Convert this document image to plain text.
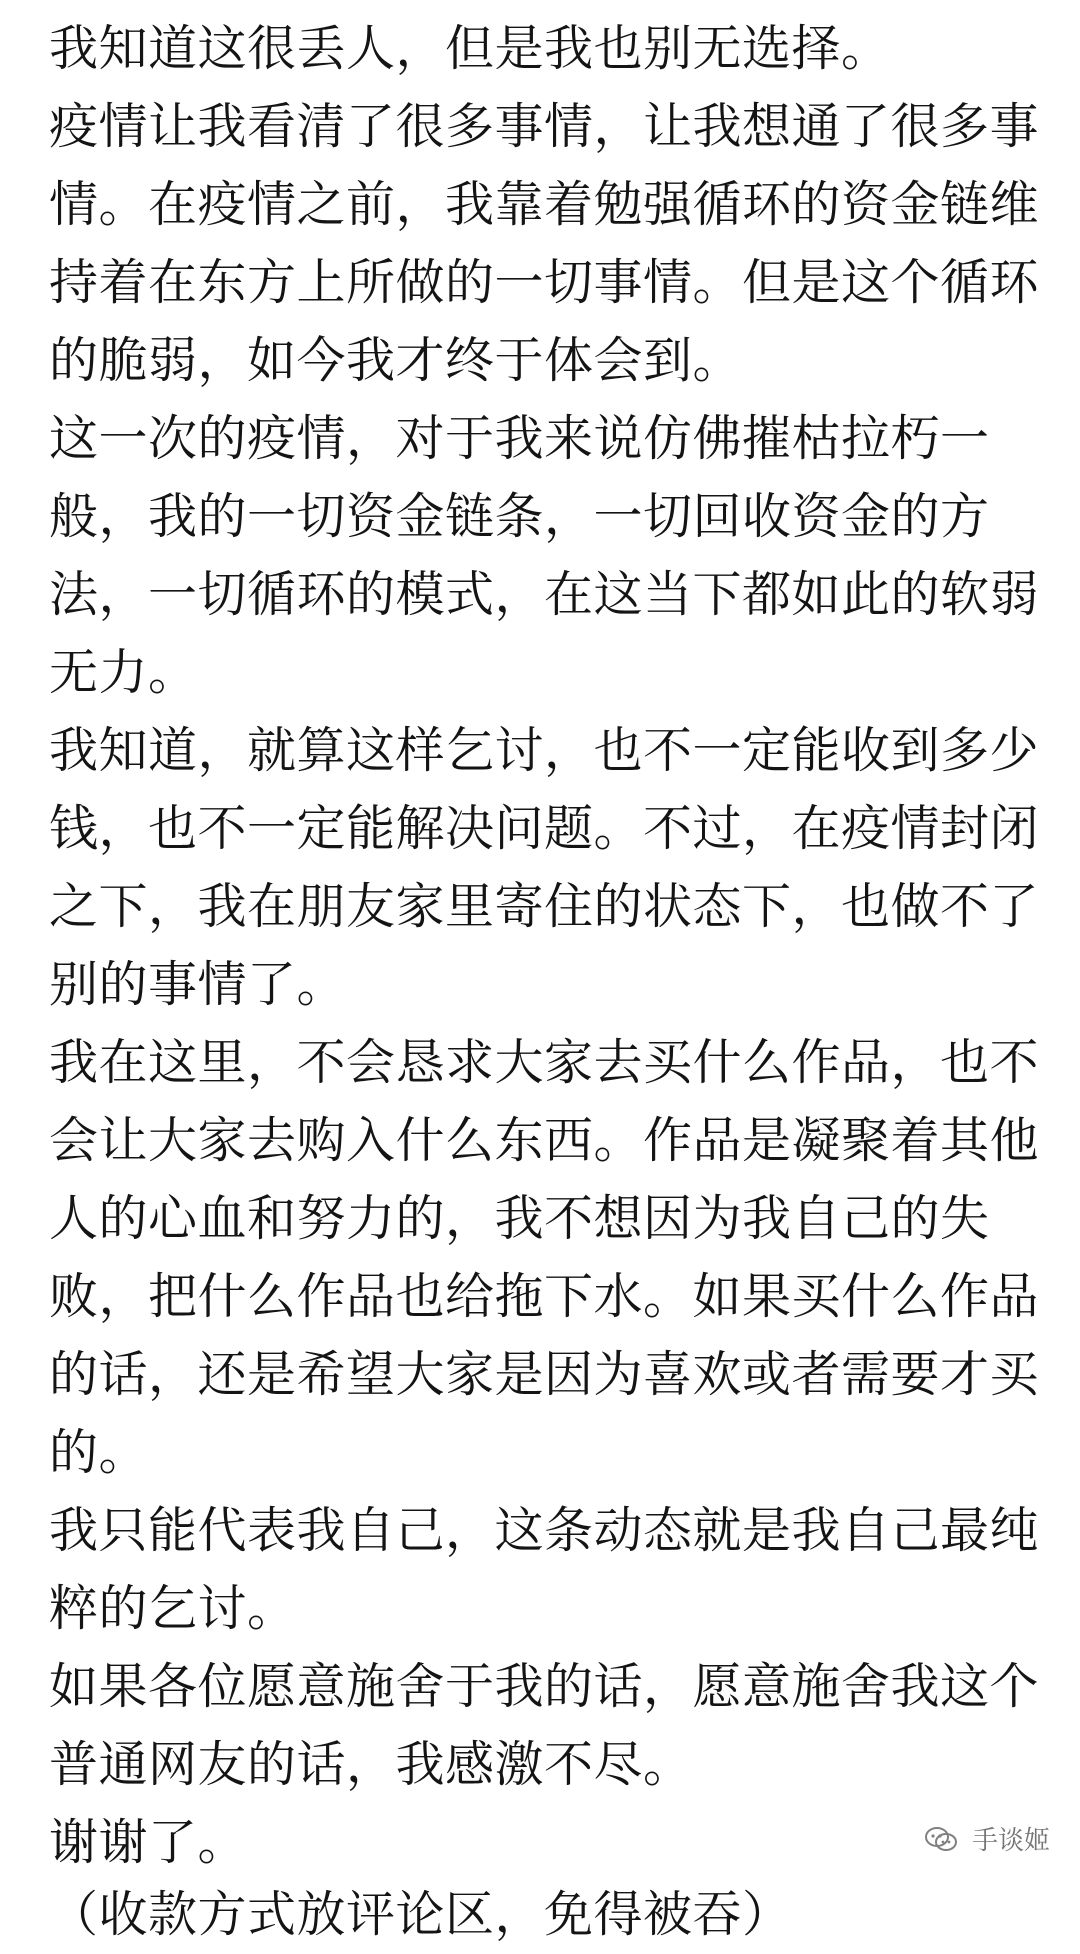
我知道这很丢人，但是我也别无选择。

疫情让我看清了很多事情，让我想通了很多事情。在疫情之前，我靠着勉强循环的资金链维持着在东方上所做的一切事情。但是这个循环的脆弱，如今我才终于体会到。

这一次的疫情，对于我来说仿佛摧枯拉朽一般，我的一切资金链条，一切回收资金的方法，一切循环的模式，在这当下都如此的软弱无力。

我知道，就算这样乞讨，也不一定能收到多少钱，也不一定能解决问题。不过，在疫情封闭之下，我在朋友家里寄住的状态下，也做不了别的事情了。

我在这里，不会恳求大家去买什么作品，也不会让大家去购入什么东西。作品是凝聚着其他人的心血和努力的，我不想因为我自己的失败，把什么作品也给拖下水。如果买什么作品的话，还是希望大家是因为喜欢或者需要才买的。

我只能代表我自己，这条动态就是我自己最纯粹的乞讨。

如果各位愿意施舍于我的话，愿意施舍我这个普通网友的话，我感激不尽。

谢谢了。

（收款方式放评论区，免得被吞）
手谈姬
